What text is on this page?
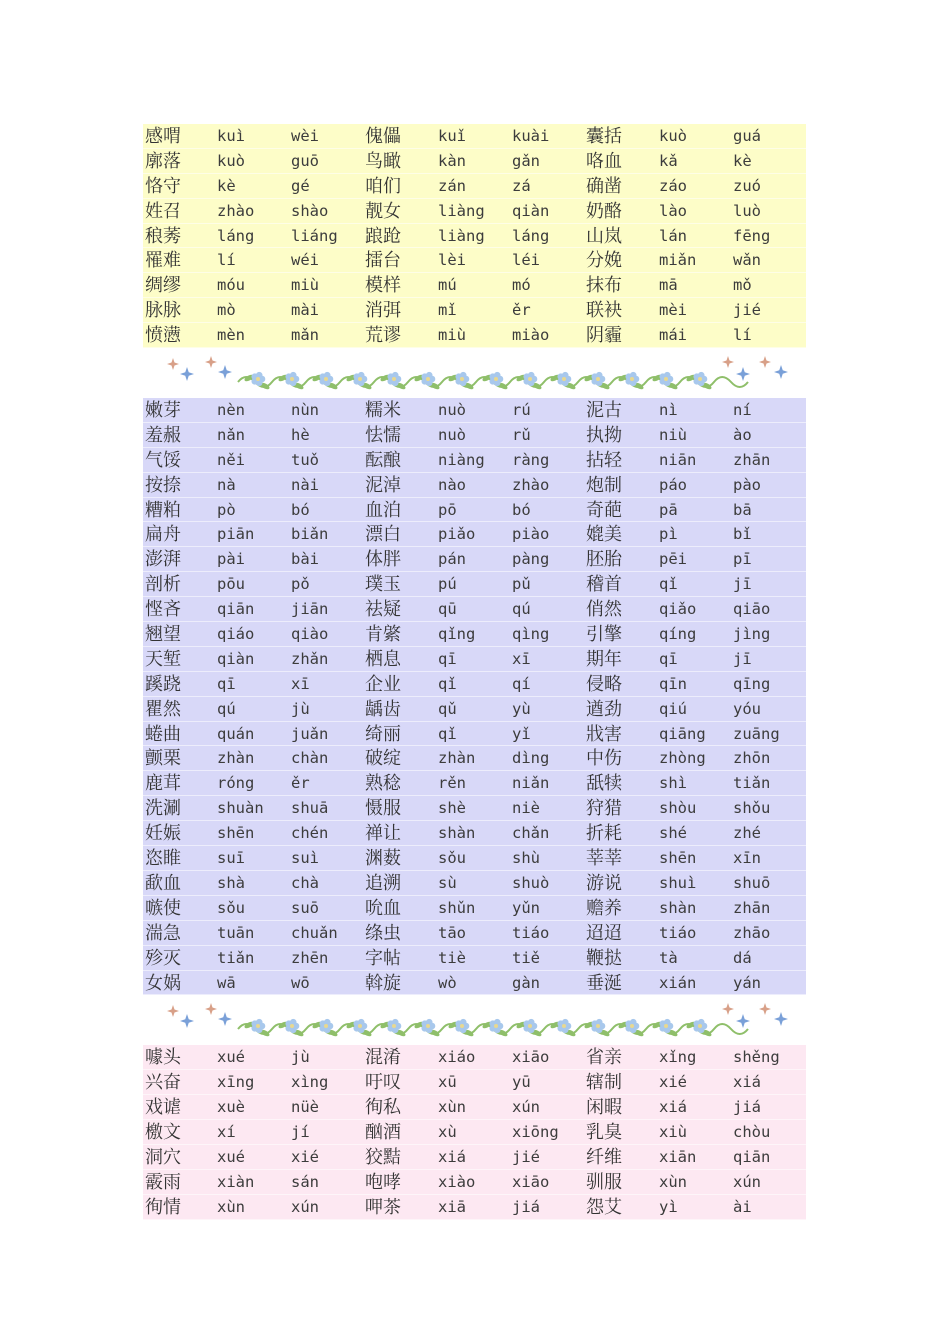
感喟 kuì	wèi	傀儡 kuǐ	kuài 囊括 kuò	guá
廓落 kuò	guō	鸟瞰 kàn	gǎn	咯血 kǎ	kè
恪守 kè	gé	咱们 zán	zá	确凿 záo	zuó
姓召 zhào shào 靓女 liàng qiàn 奶酪 lào	luò
稂莠 láng liáng 踉跄 liàng láng 山岚 lán	fēng
罹难 lí	wéi	擂台 lèi	léi	分娩 miǎn wǎn
绸缪 móu	miù	模样 mú	mó	抹布 mā	mǒ
脉脉 mò	mài	消弭 mǐ	ěr	联袂 mèi	jié
愤懑 mèn	mǎn	荒谬 miù	miào 阴霾 mái	lí
嫩芽 nèn	nùn	糯米 nuò	rú	泥古 nì	ní
羞赧 nǎn	hè	怯懦 nuò	rǔ	执拗 niù	ào
气馁 něi	tuǒ	酝酿 niàng ràng 拈轻 niān zhān
按捺 nà	nài	泥淖 nào	zhào 炮制 páo	pào
糟粕 pò	bó	血泊 pō	bó	奇葩 pā	bā
扁舟 piān biǎn 漂白 piǎo piào 媲美 pì	bǐ
澎湃 pài	bài	体胖 pán	pàng 胚胎 pēi	pī
剖析 pōu	pǒ	璞玉 pú	pǔ	稽首 qǐ	jī
悭吝 qiān jiān 祛疑 qū	qú	俏然 qiǎo qiāo
翘望 qiáo qiào 肯綮 qǐng qìng 引擎 qíng jìng
天堑 qiàn zhǎn 栖息 qī	xī	期年 qī	jī
蹊跷 qī	xī	企业 qǐ	qí	侵略 qīn	qīng
瞿然 qú	jù	龋齿 qǔ	yù	遒劲 qiú	yóu
蜷曲 quán juǎn 绮丽 qǐ	yǐ	戕害 qiāng zuāng
颤栗 zhàn chàn 破绽 zhàn dìng 中伤 zhòng zhōn
鹿茸 róng ěr	熟稔 rěn	niǎn 舐犊 shì	tiǎn
洗涮 shuàn shuā 慑服 shè	niè	狩猎 shòu shǒu
妊娠 shēn chén 禅让 shàn chǎn 折耗 shé	zhé
恣睢 suī	suì	渊薮 sǒu	shù	莘莘 shēn xīn
歃血 shà	chà	追溯 sù	shuò 游说 shuì shuō
嗾使 sǒu	suō	吮血 shǔn yǔn	赡养 shàn zhān
湍急 tuān chuǎn 绦虫 tāo	tiáo 迢迢 tiáo zhāo
殄灭 tiǎn zhēn 字帖 tiè	tiě	鞭挞 tà	dá
女娲 wā	wō	斡旋 wò	gàn	垂涎 xián yán
噱头 xué	jù	混淆 xiáo xiāo 省亲 xǐng shěng
兴奋 xīng xìng 吁叹 xū	yū	辖制 xié	xiá
戏谑 xuè	nüè	徇私 xùn	xún	闲暇 xiá	jiá
檄文 xí	jí	酗酒 xù	xiōng 乳臭 xiù	chòu
洞穴 xué	xié	狡黠 xiá	jié	纤维 xiān qiān
霰雨 xiàn sán	咆哮 xiào xiāo 驯服 xùn	xún
徇情 xùn	xún	呷茶 xiā	jiá	怨艾 yì	ài
